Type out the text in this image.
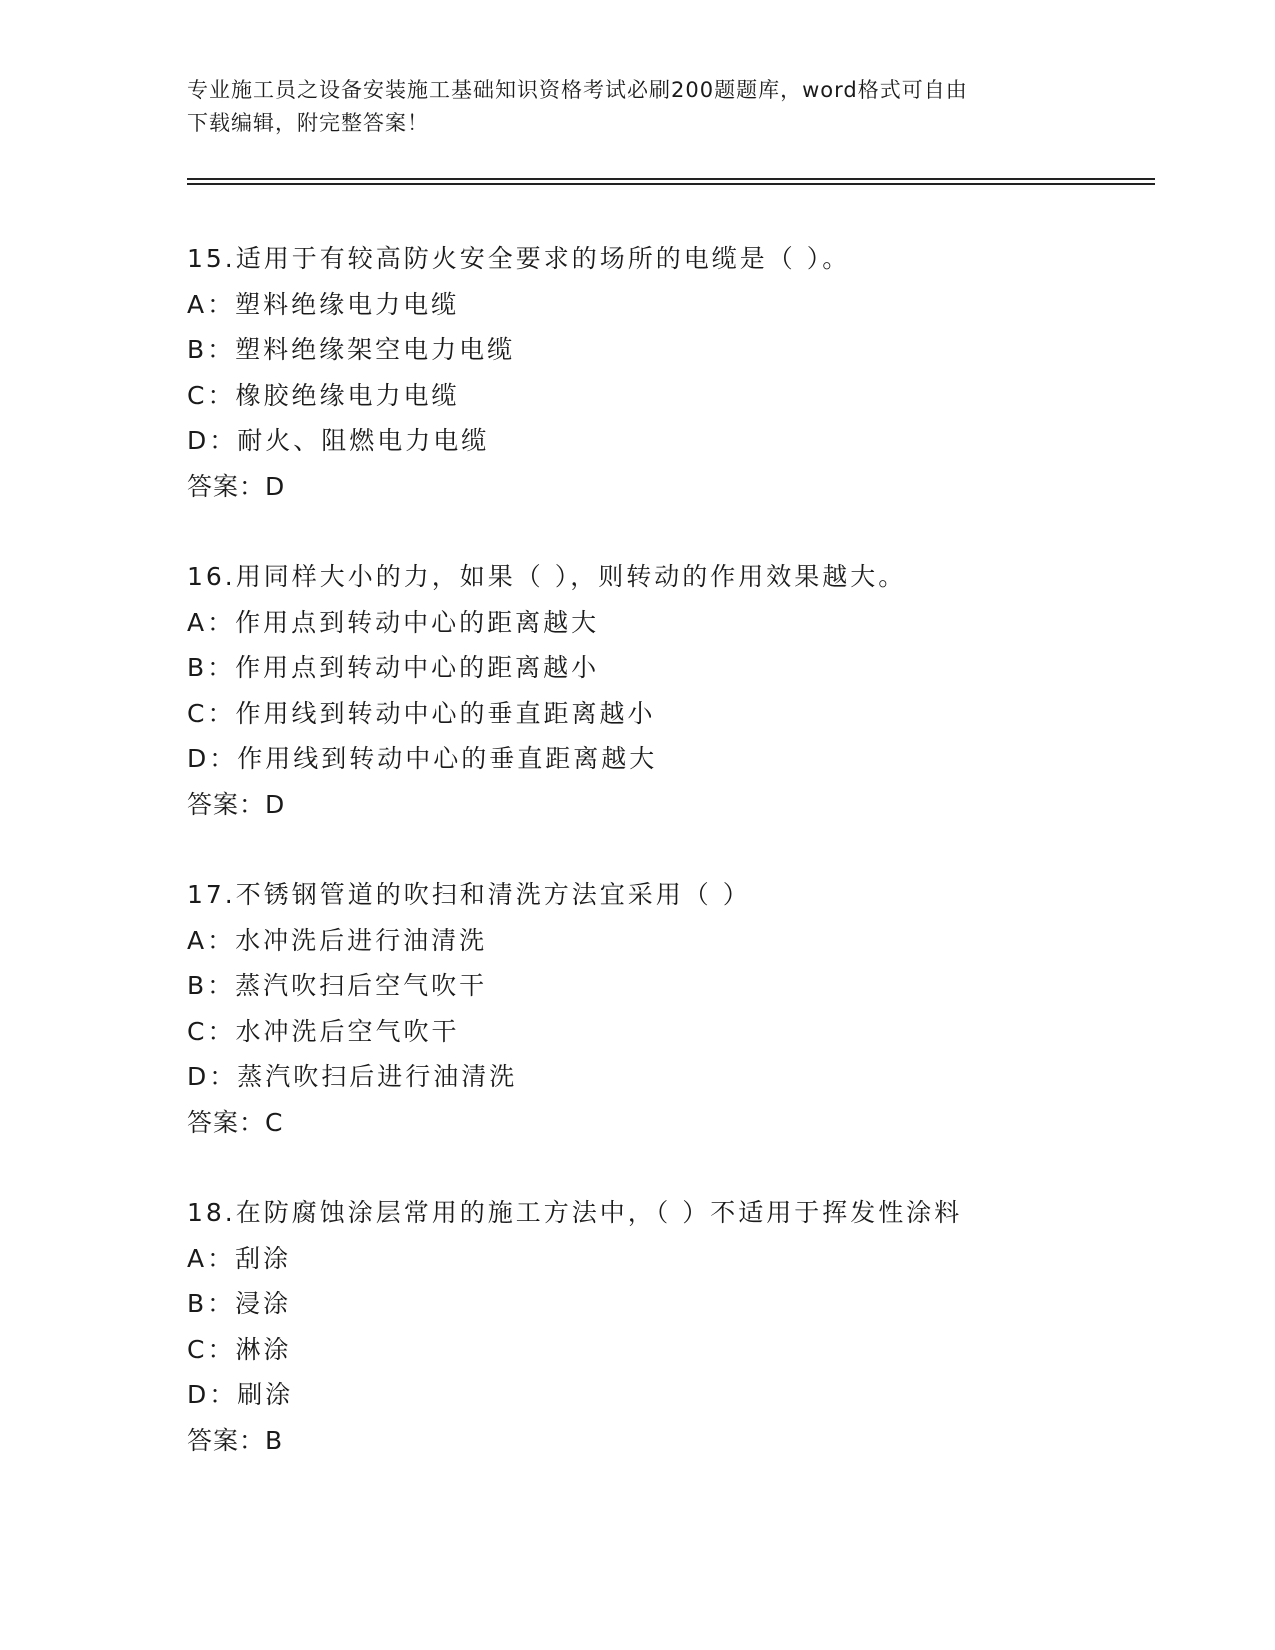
专业施工员之设备安装施工基础知识资格考试必刷200题题库，word格式可自由
下载编辑，附完整答案！
15.适用于有较高防火安全要求的场所的电缆是（ ）。
A：塑料绝缘电力电缆
B：塑料绝缘架空电力电缆
C：橡胶绝缘电力电缆
D：耐火、阻燃电力电缆
答案：D
16.用同样大小的力，如果（ ），则转动的作用效果越大。
A：作用点到转动中心的距离越大
B：作用点到转动中心的距离越小
C：作用线到转动中心的垂直距离越小
D：作用线到转动中心的垂直距离越大
答案：D
17.不锈钢管道的吹扫和清洗方法宜采用（ ）
A：水冲洗后进行油清洗
B：蒸汽吹扫后空气吹干
C：水冲洗后空气吹干
D：蒸汽吹扫后进行油清洗
答案：C
18.在防腐蚀涂层常用的施工方法中，（ ）不适用于挥发性涂料
A：刮涂
B：浸涂
C：淋涂
D：刷涂
答案：B
